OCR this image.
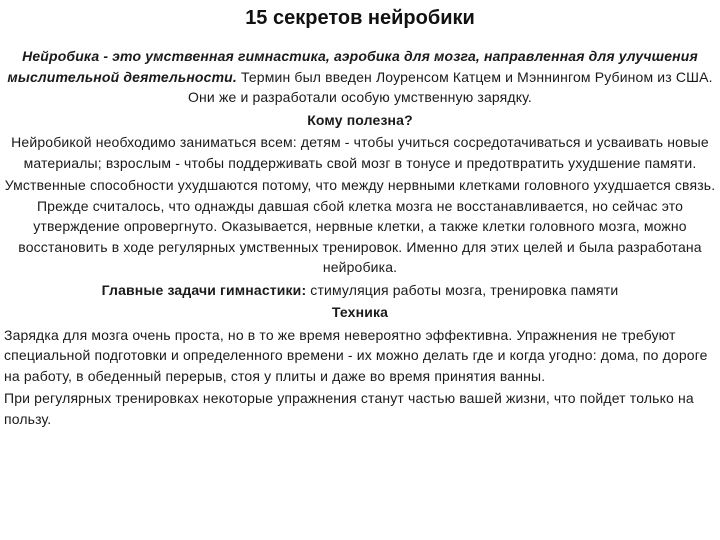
15 секретов нейробики

Нейробика - это умственная гимнастика, аэробика для мозга, направленная для улучшения мыслительной деятельности. Термин был введен Лоуренсом Катцем и Мэннингом Рубином из США. Они же и разработали особую умственную зарядку.

Кому полезна?

Нейробикой необходимо заниматься всем: детям - чтобы учиться сосредотачиваться и усваивать новые материалы; взрослым - чтобы поддерживать свой мозг в тонусе и предотвратить ухудшение памяти.

Умственные способности ухудшаются потому, что между нервными клетками головного ухудшается связь. Прежде считалось, что однажды давшая сбой клетка мозга не восстанавливается, но сейчас это утверждение опровергнуто. Оказывается, нервные клетки, а также клетки головного мозга, можно восстановить в ходе регулярных умственных тренировок. Именно для этих целей и была разработана нейробика.

Главные задачи гимнастики: стимуляция работы мозга, тренировка памяти

Техника

Зарядка для мозга очень проста, но в то же время невероятно эффективна. Упражнения не требуют специальной подготовки и определенного времени - их можно делать где и когда угодно: дома, по дороге на работу, в обеденный перерыв, стоя у плиты и даже во время принятия ванны.

При регулярных тренировках некоторые упражнения станут частью вашей жизни, что пойдет только на пользу.
